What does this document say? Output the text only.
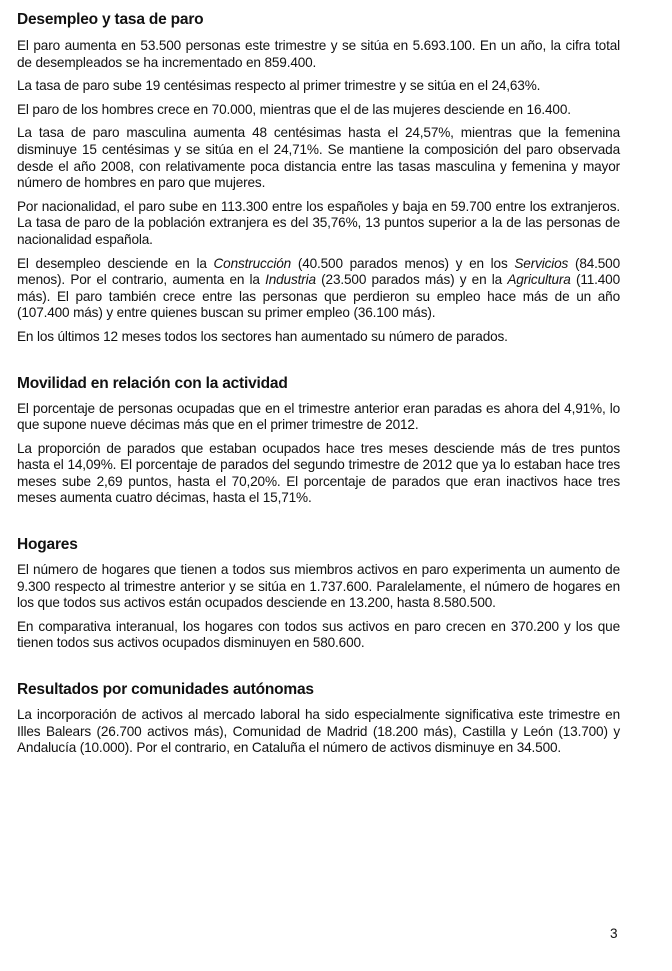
Desempleo y tasa de paro

El paro aumenta en 53.500 personas este trimestre y se sitúa en 5.693.100. En un año, la cifra total de desempleados se ha incrementado en 859.400.

La tasa de paro sube 19 centésimas respecto al primer trimestre y se sitúa en el 24,63%.

El paro de los hombres crece en 70.000, mientras que el de las mujeres desciende en 16.400.

La tasa de paro masculina aumenta 48 centésimas hasta el 24,57%, mientras que la femenina disminuye 15 centésimas y se sitúa en el 24,71%. Se mantiene la composición del paro observada desde el año 2008, con relativamente poca distancia entre las tasas masculina y femenina y mayor número de hombres en paro que mujeres.

Por nacionalidad, el paro sube en 113.300 entre los españoles y baja en 59.700 entre los extranjeros. La tasa de paro de la población extranjera es del 35,76%, 13 puntos superior a la de las personas de nacionalidad española.

El desempleo desciende en la Construcción (40.500 parados menos) y en los Servicios (84.500 menos). Por el contrario, aumenta en la Industria (23.500 parados más) y en la Agricultura (11.400 más). El paro también crece entre las personas que perdieron su empleo hace más de un año (107.400 más) y entre quienes buscan su primer empleo (36.100 más).

En los últimos 12 meses todos los sectores han aumentado su número de parados.

Movilidad en relación con la actividad

El porcentaje de personas ocupadas que en el trimestre anterior eran paradas es ahora del 4,91%, lo que supone nueve décimas más que en el primer trimestre de 2012.

La proporción de parados que estaban ocupados hace tres meses desciende más de tres puntos hasta el 14,09%. El porcentaje de parados del segundo trimestre de 2012 que ya lo estaban hace tres meses sube 2,69 puntos, hasta el 70,20%. El porcentaje de parados que eran inactivos hace tres meses aumenta cuatro décimas, hasta el 15,71%.

Hogares

El número de hogares que tienen a todos sus miembros activos en paro experimenta un aumento de 9.300 respecto al trimestre anterior y se sitúa en 1.737.600. Paralelamente, el número de hogares en los que todos sus activos están ocupados desciende en 13.200, hasta 8.580.500.

En comparativa interanual, los hogares con todos sus activos en paro crecen en 370.200 y los que tienen todos sus activos ocupados disminuyen en 580.600.

Resultados por comunidades autónomas

La incorporación de activos al mercado laboral ha sido especialmente significativa este trimestre en Illes Balears (26.700 activos más), Comunidad de Madrid (18.200 más), Castilla y León (13.700) y Andalucía (10.000). Por el contrario, en Cataluña el número de activos disminuye en 34.500.

3
